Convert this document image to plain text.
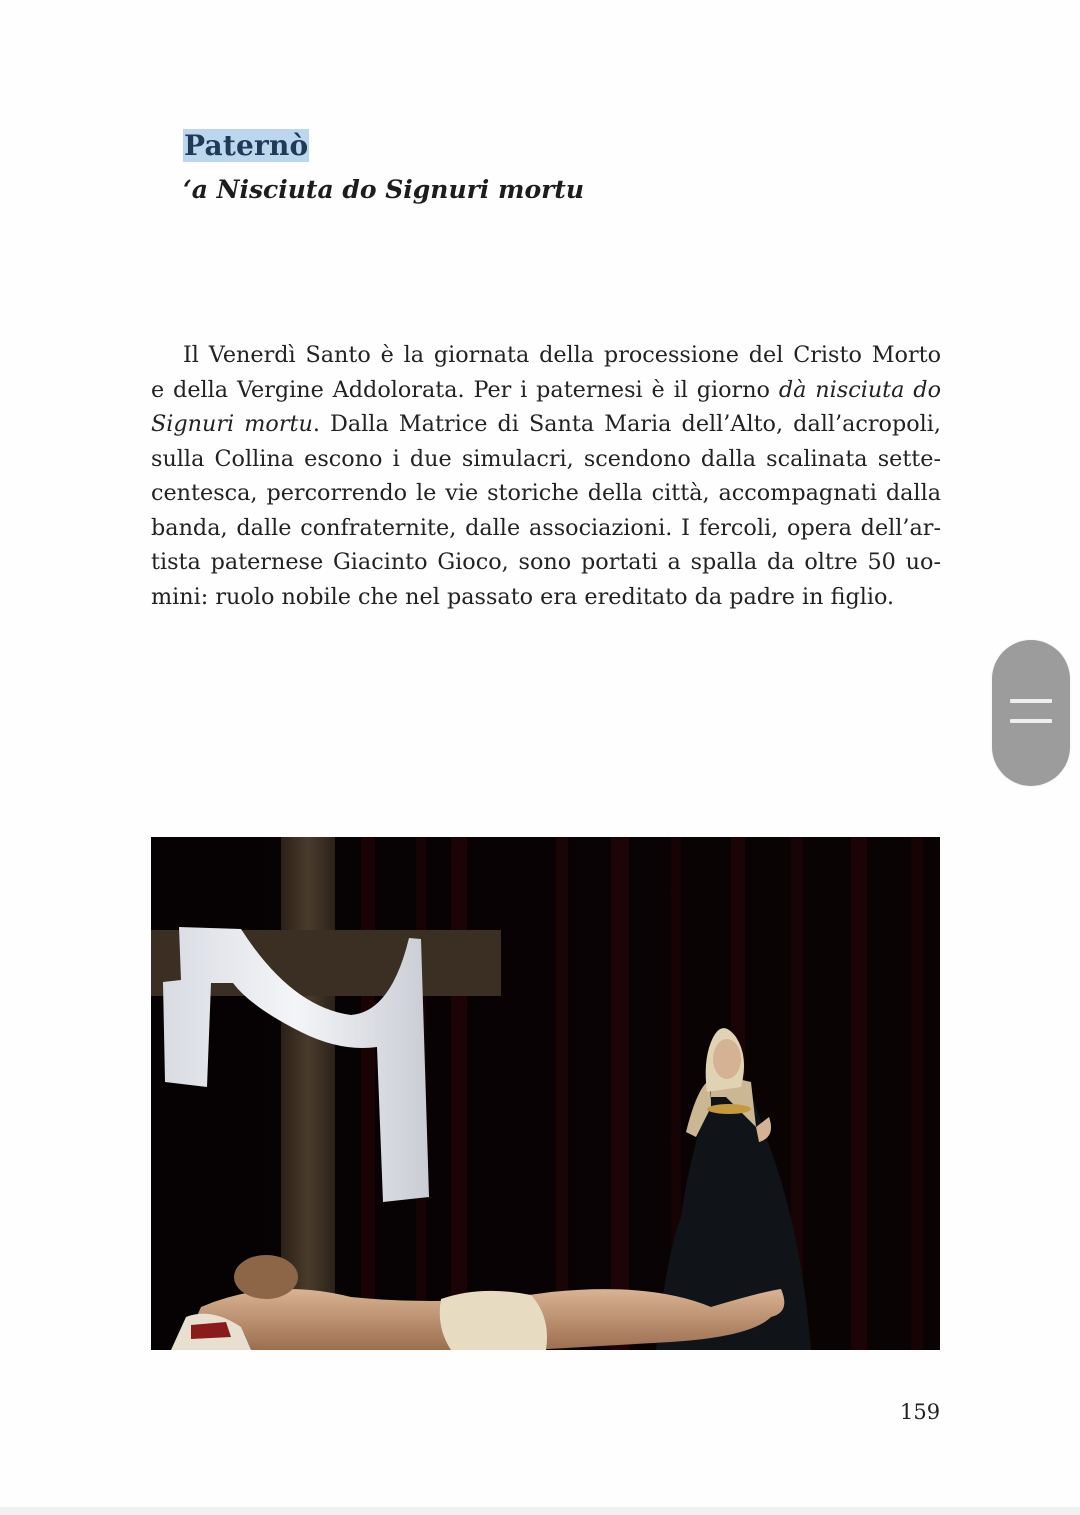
Paternò
‘a Nisciuta do Signuri mortu
Il Venerdì Santo è la giornata della processione del Cristo Morto
e della Vergine Addolorata. Per i paternesi è il giorno dà nisciuta do
Signuri mortu. Dalla Matrice di Santa Maria dell’Alto, dall’acropoli,
sulla Collina escono i due simulacri, scendono dalla scalinata sette-
centesca, percorrendo le vie storiche della città, accompagnati dalla
banda, dalle confraternite, dalle associazioni. I fercoli, opera dell’ar-
tista paternese Giacinto Gioco, sono portati a spalla da oltre 50 uo-
mini: ruolo nobile che nel passato era ereditato da padre in figlio.
159
